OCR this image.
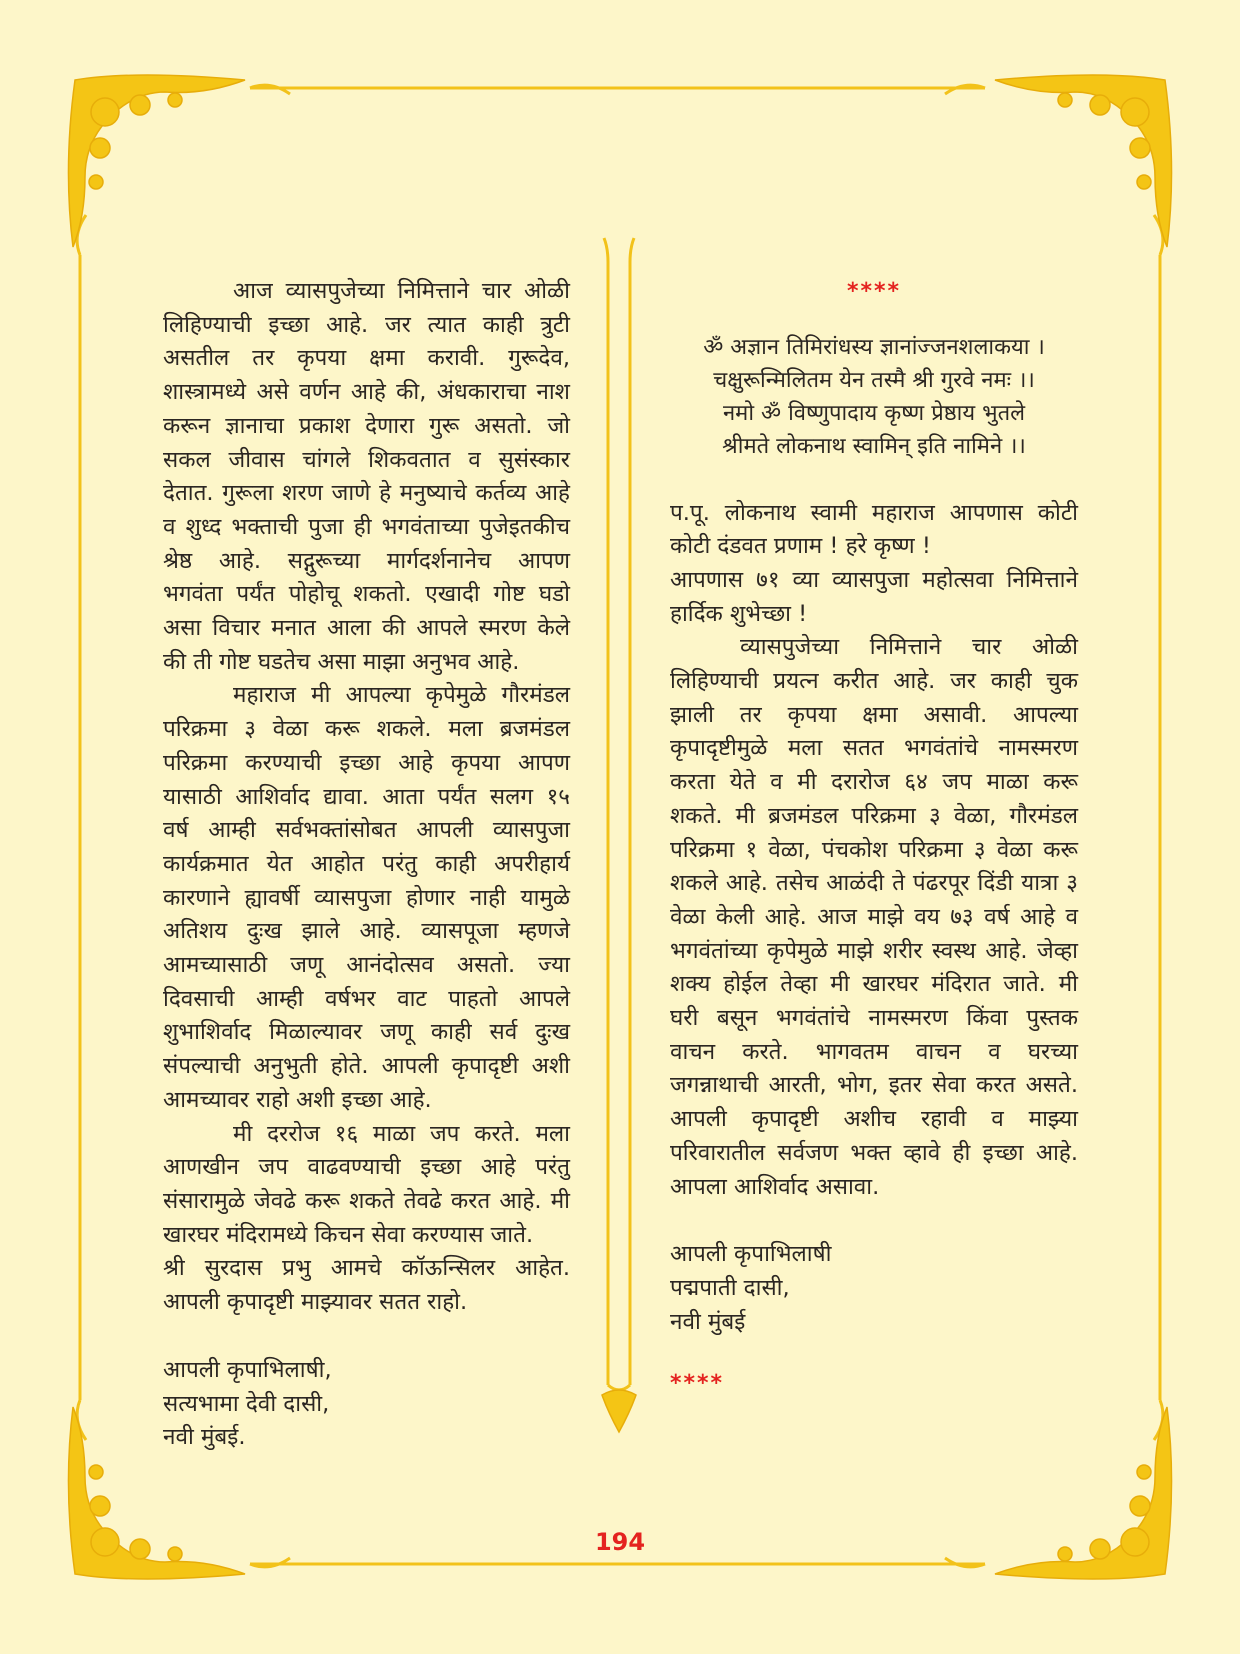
आज व्यासपुजेच्या निमित्ताने चार ओळी

लिहिण्याची इच्छा आहे. जर त्यात काही त्रुटी

असतील तर कृपया क्षमा करावी. गुरूदेव,

शास्त्रामध्ये असे वर्णन आहे की, अंधकाराचा नाश

करून ज्ञानाचा प्रकाश देणारा गुरू असतो. जो

सकल जीवास चांगले शिकवतात व सुसंस्कार

देतात. गुरूला शरण जाणे हे मनुष्याचे कर्तव्य आहे

व शुध्द भक्ताची पुजा ही भगवंताच्या पुजेइतकीच

श्रेष्ठ आहे. सद्गुरूच्या मार्गदर्शनानेच आपण

भगवंता पर्यंत पोहोचू शकतो. एखादी गोष्ट घडो

असा विचार मनात आला की आपले स्मरण केले

की ती गोष्ट घडतेच असा माझा अनुभव आहे.

महाराज मी आपल्या कृपेमुळे गौरमंडल

परिक्रमा ३ वेळा करू शकले. मला ब्रजमंडल

परिक्रमा करण्याची इच्छा आहे कृपया आपण

यासाठी आशिर्वाद द्यावा. आता पर्यंत सलग १५

वर्ष आम्ही सर्वभक्तांसोबत आपली व्यासपुजा

कार्यक्रमात येत आहोत परंतु काही अपरीहार्य

कारणाने ह्यावर्षी व्यासपुजा होणार नाही यामुळे

अतिशय दुःख झाले आहे. व्यासपूजा म्हणजे

आमच्यासाठी जणू आनंदोत्सव असतो. ज्या

दिवसाची आम्ही वर्षभर वाट पाहतो आपले

शुभाशिर्वाद मिळाल्यावर जणू काही सर्व दुःख

संपल्याची अनुभुती होते. आपली कृपादृष्टी अशी

आमच्यावर राहो अशी इच्छा आहे.

मी दररोज १६ माळा जप करते. मला

आणखीन जप वाढवण्याची इच्छा आहे परंतु

संसारामुळे जेवढे करू शकते तेवढे करत आहे. मी

खारघर मंदिरामध्ये किचन सेवा करण्यास जाते.

श्री सुरदास प्रभु आमचे कॉऊन्सिलर आहेत.

आपली कृपादृष्टी माझ्यावर सतत राहो.

आपली कृपाभिलाषी,

सत्यभामा देवी दासी,

नवी मुंबई.

****

ॐ अज्ञान तिमिरांधस्य ज्ञानांज्जनशलाकया ।

चक्षुरून्मिलितम येन तस्मै श्री गुरवे नमः ।।

नमो ॐ विष्णुपादाय कृष्ण प्रेष्ठाय भुतले

श्रीमते लोकनाथ स्वामिन् इति नामिने ।।

प.पू. लोकनाथ स्वामी महाराज आपणास कोटी

कोटी दंडवत प्रणाम ! हरे कृष्ण !

आपणास ७१ व्या व्यासपुजा महोत्सवा निमित्ताने

हार्दिक शुभेच्छा !

व्यासपुजेच्या निमित्ताने चार ओळी

लिहिण्याची प्रयत्न करीत आहे. जर काही चुक

झाली तर कृपया क्षमा असावी. आपल्या

कृपादृष्टीमुळे मला सतत भगवंतांचे नामस्मरण

करता येते व मी दरारोज ६४ जप माळा करू

शकते. मी ब्रजमंडल परिक्रमा ३ वेळा, गौरमंडल

परिक्रमा १ वेळा, पंचकोश परिक्रमा ३ वेळा करू

शकले आहे. तसेच आळंदी ते पंढरपूर दिंडी यात्रा ३

वेळा केली आहे. आज माझे वय ७३ वर्ष आहे व

भगवंतांच्या कृपेमुळे माझे शरीर स्वस्थ आहे. जेव्हा

शक्य होईल तेव्हा मी खारघर मंदिरात जाते. मी

घरी बसून भगवंतांचे नामस्मरण किंवा पुस्तक

वाचन करते. भागवतम वाचन व घरच्या

जगन्नाथाची आरती, भोग, इतर सेवा करत असते.

आपली कृपादृष्टी अशीच रहावी व माझ्या

परिवारातील सर्वजण भक्त व्हावे ही इच्छा आहे.

आपला आशिर्वाद असावा.

आपली कृपाभिलाषी

पद्मपाती दासी,

नवी मुंबई

****

194
